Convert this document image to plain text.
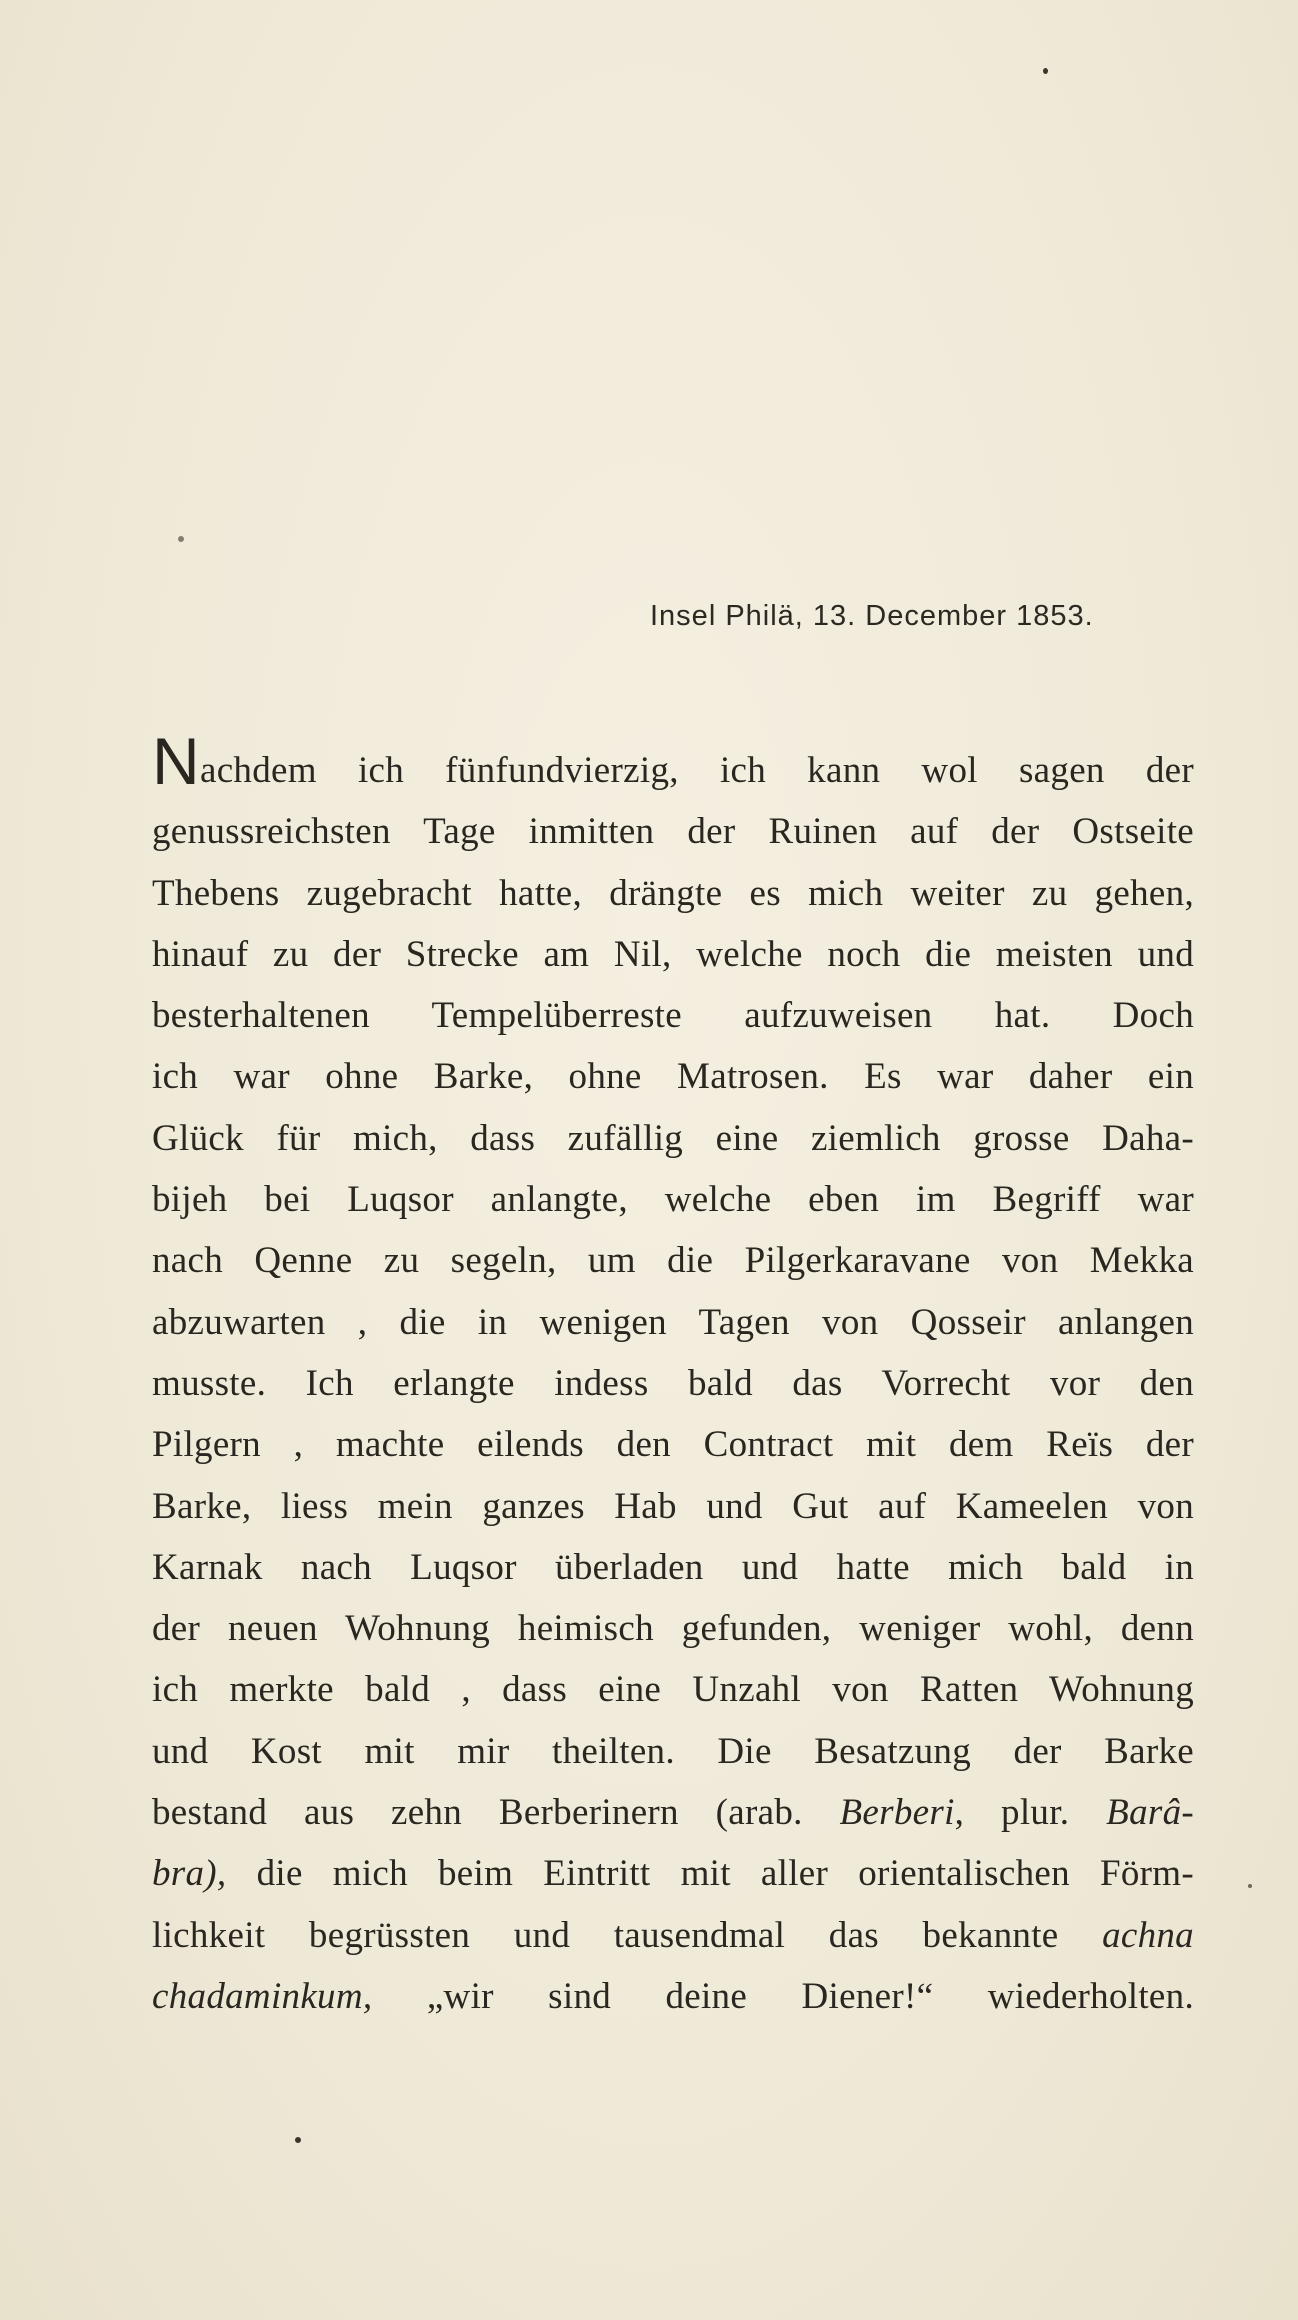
Insel Philä, 13. December 1853.
Nachdem ich fünfundvierzig, ich kann wol sagen der
genussreichsten Tage inmitten der Ruinen auf der Ostseite
Thebens zugebracht hatte, drängte es mich weiter zu gehen,
hinauf zu der Strecke am Nil, welche noch die meisten und
besterhaltenen Tempelüberreste aufzuweisen hat. Doch
ich war ohne Barke, ohne Matrosen. Es war daher ein
Glück für mich, dass zufällig eine ziemlich grosse Daha-
bijeh bei Luqsor anlangte, welche eben im Begriff war
nach Qenne zu segeln, um die Pilgerkaravane von Mekka
abzuwarten , die in wenigen Tagen von Qosseir anlangen
musste. Ich erlangte indess bald das Vorrecht vor den
Pilgern , machte eilends den Contract mit dem Reïs der
Barke, liess mein ganzes Hab und Gut auf Kameelen von
Karnak nach Luqsor überladen und hatte mich bald in
der neuen Wohnung heimisch gefunden, weniger wohl, denn
ich merkte bald , dass eine Unzahl von Ratten Wohnung
und Kost mit mir theilten. Die Besatzung der Barke
bestand aus zehn Berberinern (arab. Berberi, plur. Barâ-
bra), die mich beim Eintritt mit aller orientalischen Förm-
lichkeit begrüssten und tausendmal das bekannte achna
chadaminkum, „wir sind deine Diener!“ wiederholten.
